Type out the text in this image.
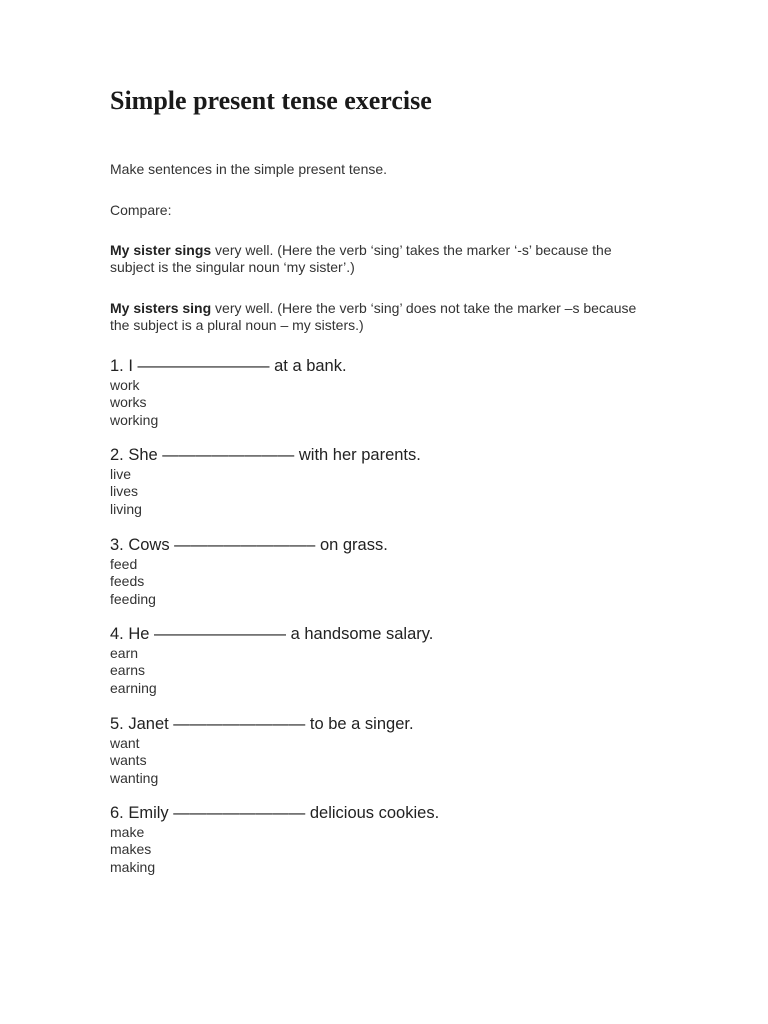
Simple present tense exercise

Make sentences in the simple present tense.

Compare:

My sister sings very well. (Here the verb ‘sing’ takes the marker ‘-s’ because the subject is the singular noun ‘my sister’.)

My sisters sing very well. (Here the verb ‘sing’ does not take the marker –s because the subject is a plural noun – my sisters.)

1. I ———————— at a bank.

work
works
working

2. She ———————— with her parents.

live
lives
living

3. Cows ————————– on grass.

feed
feeds
feeding

4. He ———————— a handsome salary.

earn
earns
earning

5. Janet ———————— to be a singer.

want
wants
wanting

6. Emily ———————— delicious cookies.

make
makes
making
